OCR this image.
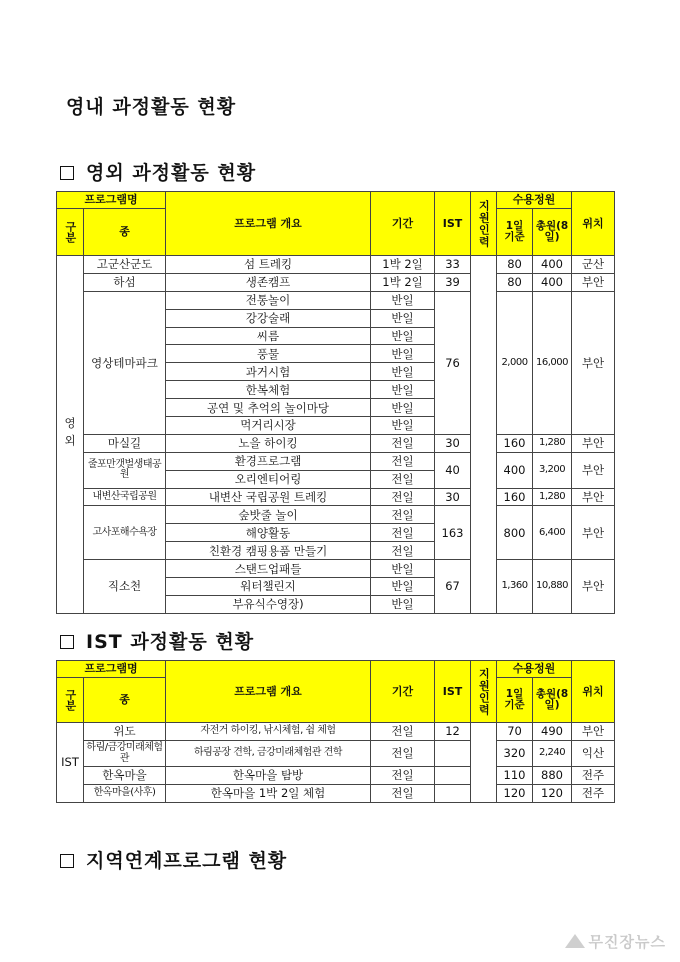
영내 과정활동 현황
영외 과정활동 현황
프로그램명		프로그램 개요	기간	IST	지원인력	수용정원		위치
구분	종					1일기준	총원(8일)	
영외	고군산군도	섬 트레킹	1박 2일	33		80	400	군산
	하섬	생존캠프	1박 2일	39		80	400	부안
	영상테마파크	전통놀이	반일	76		2,000	16,000	부안
		강강술래	반일					
		씨름	반일					
		풍물	반일					
		과거시험	반일					
		한복체험	반일					
		공연 및 추억의 놀이마당	반일					
		먹거리시장	반일					
	마실길	노을 하이킹	전일	30		160	1,280	부안
	줄포만갯벌생태공원	환경프로그램	전일	40		400	3,200	부안
		오리엔티어링	전일					
	내변산국립공원	내변산 국립공원 트레킹	전일	30		160	1,280	부안
	고사포해수욕장	숲밧줄 놀이	전일	163		800	6,400	부안
		해양활동	전일					
		친환경 캠핑용품 만들기	전일					
	직소천	스탠드업패들	반일	67		1,360	10,880	부안
		워터챌린지	반일					
		부유식수영장)	반일					
IST 과정활동 현황
프로그램명		프로그램 개요	기간	IST	지원인력	수용정원		위치
구분	종					1일기준	총원(8일)	
IST	위도	자전거 하이킹, 낚시체험, 쉼 체험	전일	12		70	490	부안
	하림/금강미래체험관	하림공장 견학, 금강미래체험관 견학	전일			320	2,240	익산
	한옥마을	한옥마을 탐방	전일			110	880	전주
	한옥마을(사후)	한옥마을 1박 2일 체험	전일			120	120	전주
지역연계프로그램 현황
무진장뉴스
